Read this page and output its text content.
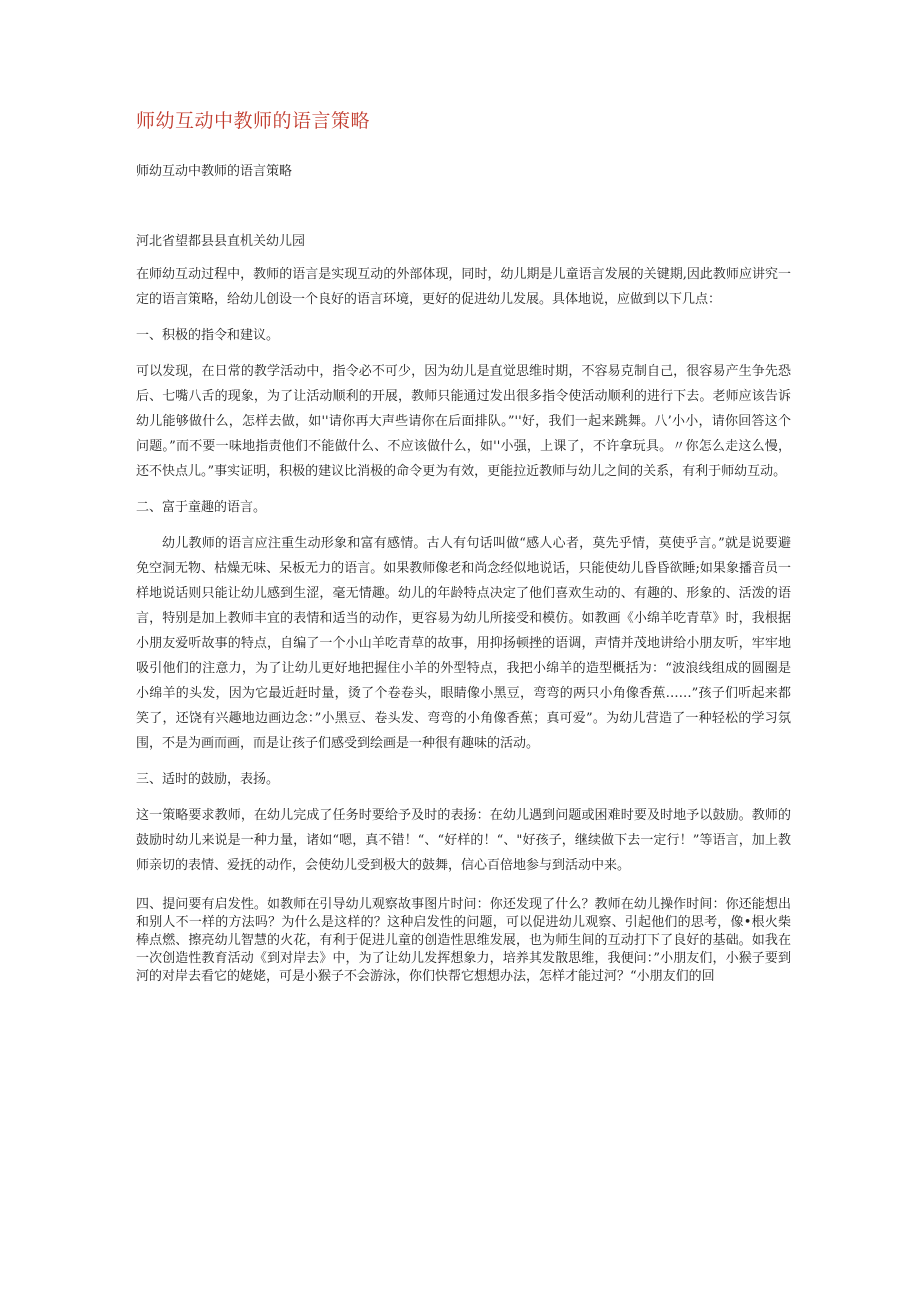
师幼互动中教师的语言策略

师幼互动中教师的语言策略

河北省望都县县直机关幼儿园

在师幼互动过程中，教师的语言是实现互动的外部体现，同时，幼儿期是儿童语言发展的关键期,因此教师应讲究一定的语言策略，给幼儿创设一个良好的语言环境，更好的促进幼儿发展。具体地说，应做到以下几点：

一、积极的指令和建议。

可以发现，在日常的教学活动中，指令必不可少，因为幼儿是直觉思维时期，不容易克制自己，很容易产生争先恐后、七嘴八舌的现象，为了让活动顺利的开展，教师只能通过发出很多指令使活动顺利的进行下去。老师应该告诉幼儿能够做什么，怎样去做，如''请你再大声些请你在后面排队。”''好，我们一起来跳舞。八’小小，请你回答这个问题。”而不要一味地指责他们不能做什么、不应该做什么，如''小强，上课了，不许拿玩具。〃你怎么走这么慢，还不快点儿。”事实证明，积极的建议比消极的命令更为有效，更能拉近教师与幼儿之间的关系，有利于师幼互动。

二、富于童趣的语言。

幼儿教师的语言应注重生动形象和富有感情。古人有句话叫做“感人心者，莫先乎情，莫使乎言。”就是说要避免空洞无物、枯燥无味、呆板无力的语言。如果教师像老和尚念经似地说话，只能使幼儿昏昏欲睡;如果象播音员一样地说话则只能让幼儿感到生涩，毫无情趣。幼儿的年龄特点决定了他们喜欢生动的、有趣的、形象的、活泼的语言，特别是加上教师丰宜的表情和适当的动作，更容易为幼儿所接受和模仿。如教画《小绵羊吃青草》时，我根据小朋友爱听故事的特点，自编了一个小山羊吃青草的故事，用抑扬顿挫的语调，声情并茂地讲给小朋友听，牢牢地吸引他们的注意力，为了让幼儿更好地把握住小羊的外型特点，我把小绵羊的造型概括为：“波浪线组成的圆圈是小绵羊的头发，因为它最近赶时量，烫了个卷卷头，眼睛像小黑豆，弯弯的两只小角像香蕉……”孩子们听起来都笑了，还饶有兴趣地边画边念：”小黑豆、卷头发、弯弯的小角像香蕉；真可爱”。为幼儿营造了一种轻松的学习氛围，不是为画而画，而是让孩子们感受到绘画是一种很有趣味的活动。

三、适时的鼓励，表扬。

这一策略要求教师，在幼儿完成了任务时要给予及时的表扬：在幼儿遇到问题或困难时要及时地予以鼓励。教师的鼓励时幼儿来说是一种力量，诸如“嗯，真不错！“、“好样的！“、"好孩子，继续做下去一定行！”等语言，加上教师亲切的表情、爱抚的动作，会使幼儿受到极大的鼓舞，信心百倍地参与到活动中来。

四、提问要有启发性。如教师在引导幼儿观察故事图片时问：你还发现了什么？教师在幼儿操作时间：你还能想出和别人不一样的方法吗？为什么是这样的？这种启发性的问题，可以促进幼儿观察、引起他们的思考，像•根火柴棒点燃、擦亮幼儿智慧的火花，有利于促进儿童的创造性思维发展，也为师生间的互动打下了良好的基础。如我在一次创造性教育活动《到对岸去》中，为了让幼儿发挥想象力，培养其发散思维，我便问：”小朋友们，小猴子要到河的对岸去看它的姥姥，可是小猴子不会游泳，你们快帮它想想办法，怎样才能过河？“小朋友们的回
